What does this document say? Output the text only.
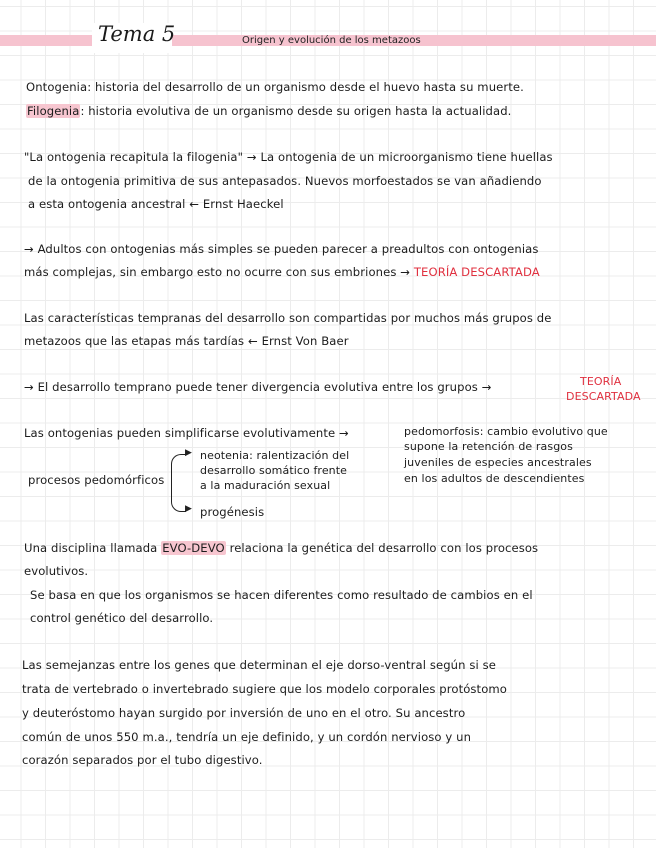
Tema 5	Origen y evolución de los metazoos
Ontogenia: historia del desarrollo de un organismo desde el huevo hasta su muerte.
Filogenia: historia evolutiva de un organismo desde su origen hasta la actualidad.
"La ontogenia recapitula la filogenia" → La ontogenia de un microorganismo tiene huellas
de la ontogenia primitiva de sus antepasados. Nuevos morfoestados se van añadiendo
a esta ontogenia ancestral ← Ernst Haeckel
→ Adultos con ontogenias más simples se pueden parecer a preadultos con ontogenias
más complejas, sin embargo esto no ocurre con sus embriones → TEORÍA DESCARTADA
Las características tempranas del desarrollo son compartidas por muchos más grupos de
metazoos que las etapas más tardías ← Ernst Von Baer
→ El desarrollo temprano puede tener divergencia evolutiva entre los grupos →	TEORÍA
DESCARTADA
Las ontogenias pueden simplificarse evolutivamente →	pedomorfosis: cambio evolutivo que
supone la retención de rasgos
juveniles de especies ancestrales
en los adultos de descendientes
procesos pedomórficos
▶
▶
neotenia: ralentización del
desarrollo somático frente
a la maduración sexual
progénesis
Una disciplina llamada EVO-DEVO relaciona la genética del desarrollo con los procesos
evolutivos.
Se basa en que los organismos se hacen diferentes como resultado de cambios en el
control genético del desarrollo.
Las semejanzas entre los genes que determinan el eje dorso-ventral según si se
trata de vertebrado o invertebrado sugiere que los modelo corporales protóstomo
y deuteróstomo hayan surgido por inversión de uno en el otro. Su ancestro
común de unos 550 m.a., tendría un eje definido, y un cordón nervioso y un
corazón separados por el tubo digestivo.
